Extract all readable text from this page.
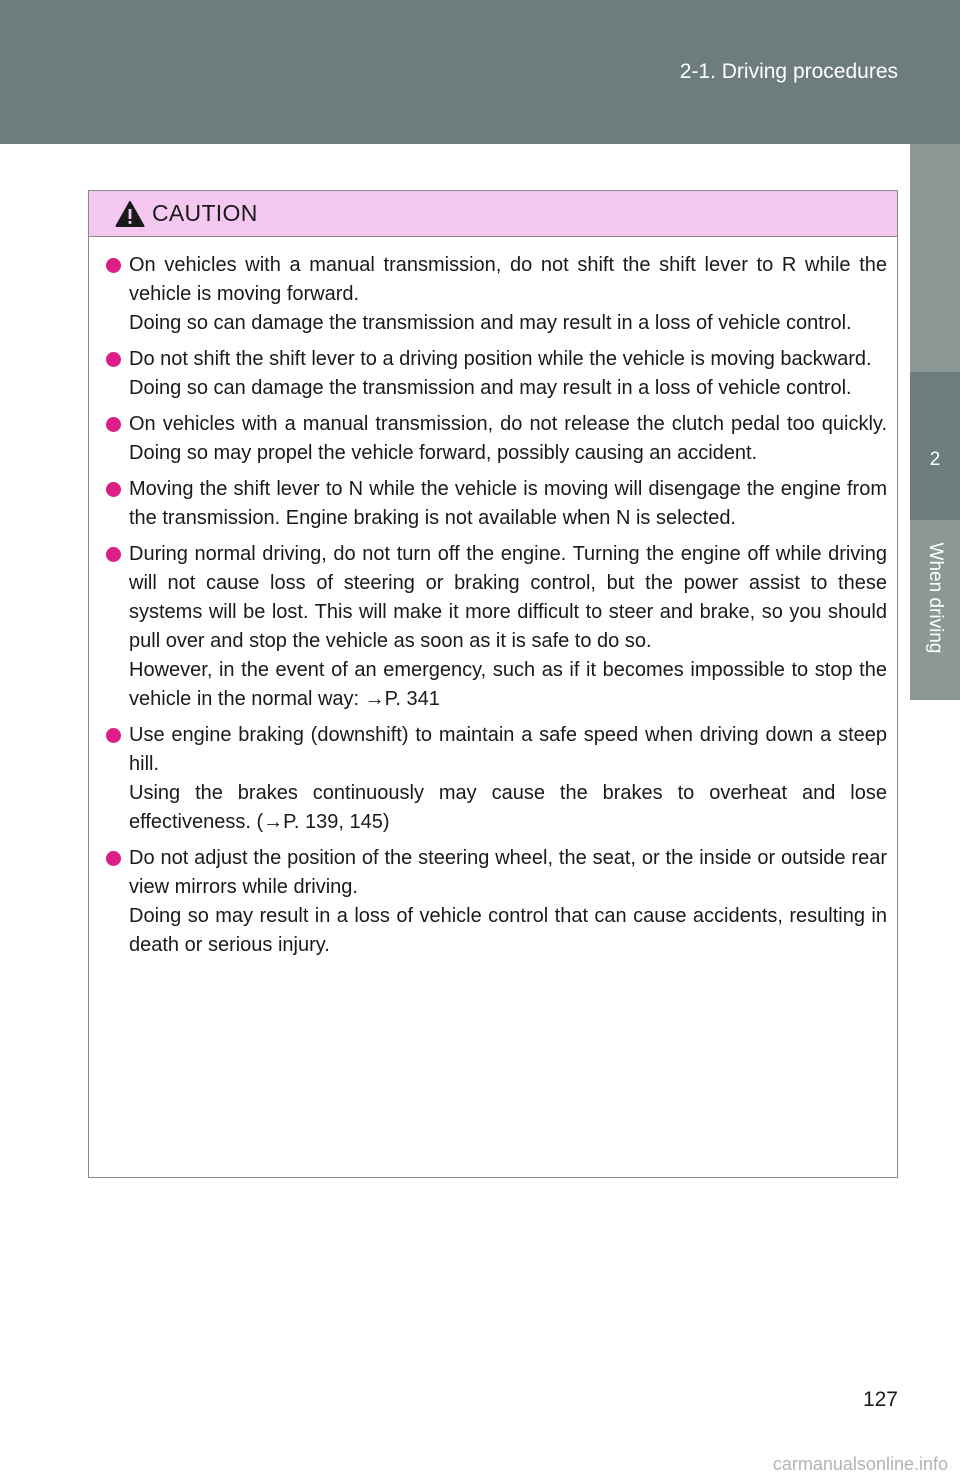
2-1. Driving procedures
2
When driving
CAUTION

On vehicles with a manual transmission, do not shift the shift lever to R while the vehicle is moving forward.

Doing so can damage the transmission and may result in a loss of vehicle control.

Do not shift the shift lever to a driving position while the vehicle is moving backward.

Doing so can damage the transmission and may result in a loss of vehicle control.

On vehicles with a manual transmission, do not release the clutch pedal too quickly. Doing so may propel the vehicle forward, possibly causing an accident.

Moving the shift lever to N while the vehicle is moving will disengage the engine from the transmission. Engine braking is not available when N is selected.

During normal driving, do not turn off the engine. Turning the engine off while driving will not cause loss of steering or braking control, but the power assist to these systems will be lost. This will make it more difficult to steer and brake, so you should pull over and stop the vehicle as soon as it is safe to do so.

However, in the event of an emergency, such as if it becomes impossible to stop the vehicle in the normal way: →P. 341

Use engine braking (downshift) to maintain a safe speed when driving down a steep hill.

Using the brakes continuously may cause the brakes to overheat and lose effectiveness. (→P. 139, 145)

Do not adjust the position of the steering wheel, the seat, or the inside or outside rear view mirrors while driving.

Doing so may result in a loss of vehicle control that can cause accidents, resulting in death or serious injury.

127
carmanualsonline.info
